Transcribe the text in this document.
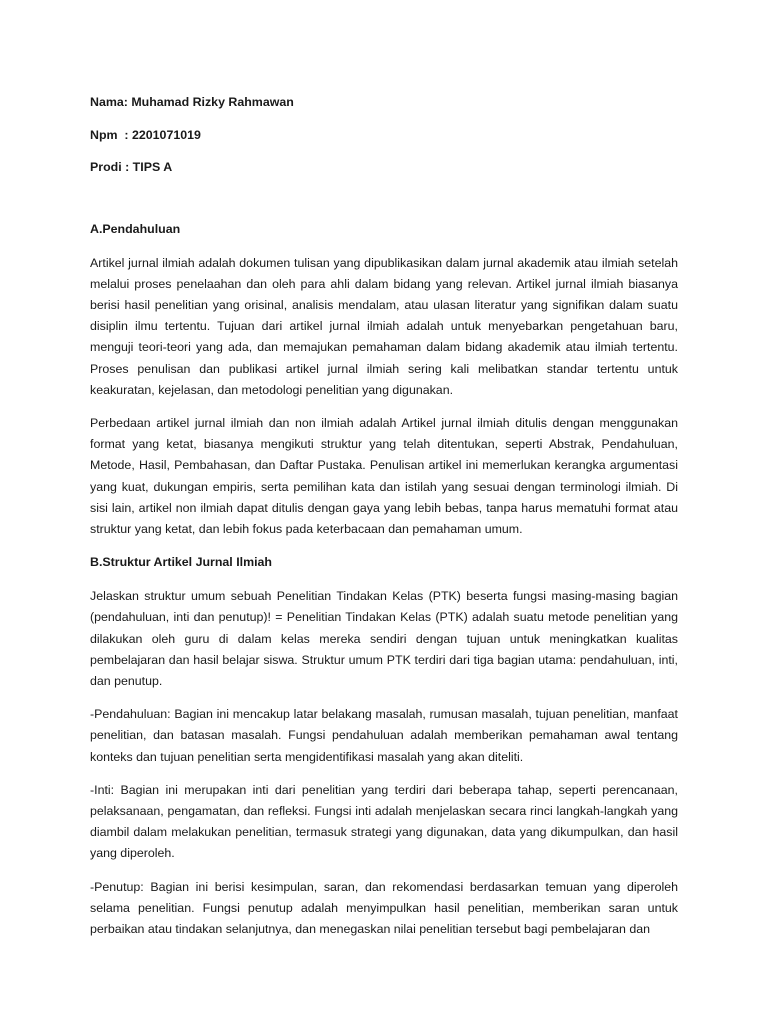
Nama: Muhamad Rizky Rahmawan
Npm  : 2201071019
Prodi : TIPS A
A.Pendahuluan

Artikel jurnal ilmiah adalah dokumen tulisan yang dipublikasikan dalam jurnal akademik atau ilmiah setelah melalui proses penelaahan dan oleh para ahli dalam bidang yang relevan. Artikel jurnal ilmiah biasanya berisi hasil penelitian yang orisinal, analisis mendalam, atau ulasan literatur yang signifikan dalam suatu disiplin ilmu tertentu. Tujuan dari artikel jurnal ilmiah adalah untuk menyebarkan pengetahuan baru, menguji teori-teori yang ada, dan memajukan pemahaman dalam bidang akademik atau ilmiah tertentu. Proses penulisan dan publikasi artikel jurnal ilmiah sering kali melibatkan standar tertentu untuk keakuratan, kejelasan, dan metodologi penelitian yang digunakan.

Perbedaan artikel jurnal ilmiah dan non ilmiah adalah Artikel jurnal ilmiah ditulis dengan menggunakan format yang ketat, biasanya mengikuti struktur yang telah ditentukan, seperti Abstrak, Pendahuluan, Metode, Hasil, Pembahasan, dan Daftar Pustaka. Penulisan artikel ini memerlukan kerangka argumentasi yang kuat, dukungan empiris, serta pemilihan kata dan istilah yang sesuai dengan terminologi ilmiah. Di sisi lain, artikel non ilmiah dapat ditulis dengan gaya yang lebih bebas, tanpa harus mematuhi format atau struktur yang ketat, dan lebih fokus pada keterbacaan dan pemahaman umum.

B.Struktur Artikel Jurnal Ilmiah

Jelaskan struktur umum sebuah Penelitian Tindakan Kelas (PTK) beserta fungsi masing-masing bagian (pendahuluan, inti dan penutup)! = Penelitian Tindakan Kelas (PTK) adalah suatu metode penelitian yang dilakukan oleh guru di dalam kelas mereka sendiri dengan tujuan untuk meningkatkan kualitas pembelajaran dan hasil belajar siswa. Struktur umum PTK terdiri dari tiga bagian utama: pendahuluan, inti, dan penutup.

-Pendahuluan: Bagian ini mencakup latar belakang masalah, rumusan masalah, tujuan penelitian, manfaat penelitian, dan batasan masalah. Fungsi pendahuluan adalah memberikan pemahaman awal tentang konteks dan tujuan penelitian serta mengidentifikasi masalah yang akan diteliti.

-Inti: Bagian ini merupakan inti dari penelitian yang terdiri dari beberapa tahap, seperti perencanaan, pelaksanaan, pengamatan, dan refleksi. Fungsi inti adalah menjelaskan secara rinci langkah-langkah yang diambil dalam melakukan penelitian, termasuk strategi yang digunakan, data yang dikumpulkan, dan hasil yang diperoleh.

-Penutup: Bagian ini berisi kesimpulan, saran, dan rekomendasi berdasarkan temuan yang diperoleh selama penelitian. Fungsi penutup adalah menyimpulkan hasil penelitian, memberikan saran untuk perbaikan atau tindakan selanjutnya, dan menegaskan nilai penelitian tersebut bagi pembelajaran dan
